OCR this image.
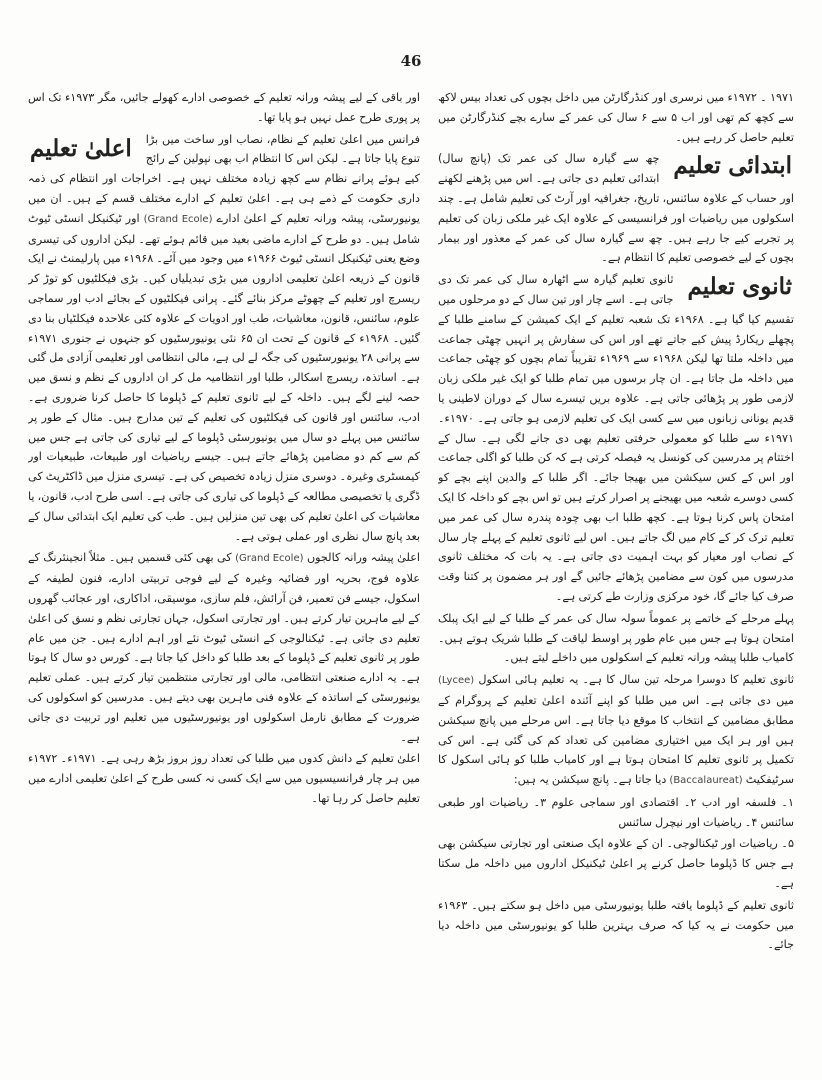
46

۱۹۷۱ ۔ ۱۹۷۲ء میں نرسری اور کنڈرگارٹن میں داخل بچوں کی تعداد بیس لاکھ سے کچھ کم تھی اور اب ۵ سے ۶ سال کی عمر کے سارے بچے کنڈرگارٹن میں تعلیم حاصل کر رہے ہیں۔

ابتدائی تعلیم

چھ سے گیارہ سال کی عمر تک (پانچ سال) ابتدائی تعلیم دی جاتی ہے۔ اس میں پڑھنے لکھنے اور حساب کے علاوہ سائنس، تاریخ، جغرافیہ اور آرٹ کی تعلیم شامل ہے۔ چند اسکولوں میں ریاضیات اور فرانسیسی کے علاوہ ایک غیر ملکی زبان کی تعلیم پر تجربے کیے جا رہے ہیں۔ چھ سے گیارہ سال کی عمر کے معذور اور بیمار بچوں کے لیے خصوصی تعلیم کا انتظام ہے۔

ثانوی تعلیم

ثانوی تعلیم گیارہ سے اٹھارہ سال کی عمر تک دی جاتی ہے۔ اسے چار اور تین سال کے دو مرحلوں میں تقسیم کیا گیا ہے۔ ۱۹۶۸ء تک شعبہ تعلیم کے ایک کمیشن کے سامنے طلبا کے پچھلے ریکارڈ پیش کیے جاتے تھے اور اس کی سفارش پر انہیں چھٹی جماعت میں داخلہ ملتا تھا لیکن ۱۹۶۸ء سے ۱۹۶۹ء تقریباً تمام بچوں کو چھٹی جماعت میں داخلہ مل جاتا ہے۔ ان چار برسوں میں تمام طلبا کو ایک غیر ملکی زبان لازمی طور پر پڑھائی جاتی ہے۔ علاوہ بریں تیسرے سال کے دوران لاطینی یا قدیم یونانی زبانوں میں سے کسی ایک کی تعلیم لازمی ہو جاتی ہے۔ ۱۹۷۰ء۔ ۱۹۷۱ء سے طلبا کو معمولی حرفتی تعلیم بھی دی جانے لگی ہے۔ سال کے اختتام پر مدرسین کی کونسل یہ فیصلہ کرتی ہے کہ کن طلبا کو اگلی جماعت اور اس کے کس سیکشن میں بھیجا جائے۔ اگر طلبا کے والدین اپنے بچے کو کسی دوسرے شعبہ میں بھیجنے پر اصرار کرتے ہیں تو اس بچے کو داخلہ کا ایک امتحان پاس کرنا ہوتا ہے۔ کچھ طلبا اب بھی چودہ پندرہ سال کی عمر میں تعلیم ترک کر کے کام میں لگ جاتے ہیں۔ اس لیے ثانوی تعلیم کے پہلے چار سال کے نصاب اور معیار کو بہت اہمیت دی جاتی ہے۔ یہ بات کہ مختلف ثانوی مدرسوں میں کون سے مضامین پڑھائے جائیں گے اور ہر مضمون پر کتنا وقت صرف کیا جائے گا، خود مرکزی وزارت طے کرتی ہے۔

پہلے مرحلے کے خاتمے پر عموماً سولہ سال کی عمر کے طلبا کے لیے ایک پبلک امتحان ہوتا ہے جس میں عام طور پر اوسط لیاقت کے طلبا شریک ہوتے ہیں۔ کامیاب طلبا پیشہ ورانہ تعلیم کے اسکولوں میں داخلے لیتے ہیں۔

ثانوی تعلیم کا دوسرا مرحلہ تین سال کا ہے۔ یہ تعلیم ہائی اسکول (Lycee) میں دی جاتی ہے۔ اس میں طلبا کو اپنے آئندہ اعلیٰ تعلیم کے پروگرام کے مطابق مضامین کے انتخاب کا موقع دیا جاتا ہے۔ اس مرحلے میں پانچ سیکشن ہیں اور ہر ایک میں اختیاری مضامین کی تعداد کم کی گئی ہے۔ اس کی تکمیل پر ثانوی تعلیم کا امتحان ہوتا ہے اور کامیاب طلبا کو ہائی اسکول کا سرٹیفکیٹ (Baccalaureat) دیا جاتا ہے۔ پانچ سیکشن یہ ہیں:

۱۔ فلسفہ اور ادب ۲۔ اقتصادی اور سماجی علوم ۳۔ ریاضیات اور طبعی سائنس ۴۔ ریاضیات اور نیچرل سائنس

۵۔ ریاضیات اور ٹیکنالوجی۔ ان کے علاوہ ایک صنعتی اور تجارتی سیکشن بھی ہے جس کا ڈپلوما حاصل کرنے پر اعلیٰ ٹیکنیکل اداروں میں داخلہ مل سکتا ہے۔

ثانوی تعلیم کے ڈپلوما یافتہ طلبا یونیورسٹی میں داخل ہو سکتے ہیں۔ ۱۹۶۳ء میں حکومت نے یہ کیا کہ صرف بہترین طلبا کو یونیورسٹی میں داخلہ دیا جائے۔

اور باقی کے لیے پیشہ ورانہ تعلیم کے خصوصی ادارے کھولے جائیں، مگر ۱۹۷۳ء تک اس پر پوری طرح عمل نہیں ہو پایا تھا۔

اعلیٰ تعلیم	فرانس میں اعلیٰ تعلیم کے نظام، نصاب اور ساخت میں بڑا تنوع پایا جاتا ہے۔ لیکن اس کا انتظام اب بھی نپولین کے رائج کیے ہوئے پرانے نظام سے کچھ زیادہ مختلف نہیں ہے۔ اخراجات اور انتظام کی ذمہ داری حکومت کے ذمے ہی ہے۔ اعلیٰ تعلیم کے ادارے مختلف قسم کے ہیں۔ ان میں یونیورسٹی، پیشہ ورانہ تعلیم کے اعلیٰ ادارے (Grand Ecole) اور ٹیکنیکل انسٹی ٹیوٹ شامل ہیں۔ دو طرح کے ادارے ماضی بعید میں قائم ہوئے تھے۔ لیکن اداروں کی تیسری وضع یعنی ٹیکنیکل انسٹی ٹیوٹ ۱۹۶۶ء میں وجود میں آئے۔ ۱۹۶۸ء میں پارلیمنٹ نے ایک قانون کے ذریعہ اعلیٰ تعلیمی اداروں میں بڑی تبدیلیاں کیں۔ بڑی فیکلٹیوں کو توڑ کر ریسرچ اور تعلیم کے چھوٹے مرکز بنائے گئے۔ پرانی فیکلٹیوں کے بجائے ادب اور سماجی علوم، سائنس، قانون، معاشیات، طب اور ادویات کے علاوہ کئی علاحدہ فیکلٹیاں بنا دی گئیں۔ ۱۹۶۸ء کے قانون کے تحت ان ۶۵ نئی یونیورسٹیوں کو جنہوں نے جنوری ۱۹۷۱ء سے پرانی ۲۸ یونیورسٹیوں کی جگہ لے لی ہے، مالی انتظامی اور تعلیمی آزادی مل گئی ہے۔ اساتذہ، ریسرچ اسکالر، طلبا اور انتظامیہ مل کر ان اداروں کے نظم و نسق میں حصہ لینے لگے ہیں۔ داخلہ کے لیے ثانوی تعلیم کے ڈپلوما کا حاصل کرنا ضروری ہے۔ ادب، سائنس اور قانون کی فیکلٹیوں کی تعلیم کے تین مدارج ہیں۔ مثال کے طور پر سائنس میں پہلے دو سال میں یونیورسٹی ڈپلوما کے لیے تیاری کی جاتی ہے جس میں کم سے کم دو مضامین پڑھائے جاتے ہیں۔ جیسے ریاضیات اور طبیعات، طبیعیات اور کیمسٹری وغیرہ۔ دوسری منزل زیادہ تخصیص کی ہے۔ تیسری منزل میں ڈاکٹریٹ کی ڈگری یا تخصیصی مطالعہ کے ڈپلوما کی تیاری کی جاتی ہے۔ اسی طرح ادب، قانون، یا معاشیات کی اعلیٰ تعلیم کی بھی تین منزلیں ہیں۔ طب کی تعلیم ایک ابتدائی سال کے بعد پانچ سال نظری اور عملی ہوتی ہے۔

اعلیٰ پیشہ ورانہ کالجوں (Grand Ecole) کی بھی کئی قسمیں ہیں۔ مثلاً انجینئرنگ کے علاوہ فوج، بحریہ اور فضائیہ وغیرہ کے لیے فوجی تربیتی ادارے، فنون لطیفہ کے اسکول، جیسے فن تعمیر، فن آرائش، فلم سازی، موسیقی، اداکاری، اور عجائب گھروں کے لیے ماہرین تیار کرتے ہیں۔ اور تجارتی اسکول، جہاں تجارتی نظم و نسق کی اعلیٰ تعلیم دی جاتی ہے۔ ٹیکنالوجی کے انسٹی ٹیوٹ نئے اور اہم ادارے ہیں۔ جن میں عام طور پر ثانوی تعلیم کے ڈپلوما کے بعد طلبا کو داخل کیا جاتا ہے۔ کورس دو سال کا ہوتا ہے۔ یہ ادارے صنعتی انتظامی، مالی اور تجارتی منتظمین تیار کرتے ہیں۔ عملی تعلیم یونیورسٹی کے اساتذہ کے علاوہ فنی ماہرین بھی دیتے ہیں۔ مدرسین کو اسکولوں کی ضرورت کے مطابق نارمل اسکولوں اور یونیورسٹیوں میں تعلیم اور تربیت دی جاتی ہے۔

اعلیٰ تعلیم کے دانش کدوں میں طلبا کی تعداد روز بروز بڑھ رہی ہے۔ ۱۹۷۱ء۔ ۱۹۷۲ء میں ہر چار فرانسیسیوں میں سے ایک کسی نہ کسی طرح کے اعلیٰ تعلیمی ادارے میں تعلیم حاصل کر رہا تھا۔
